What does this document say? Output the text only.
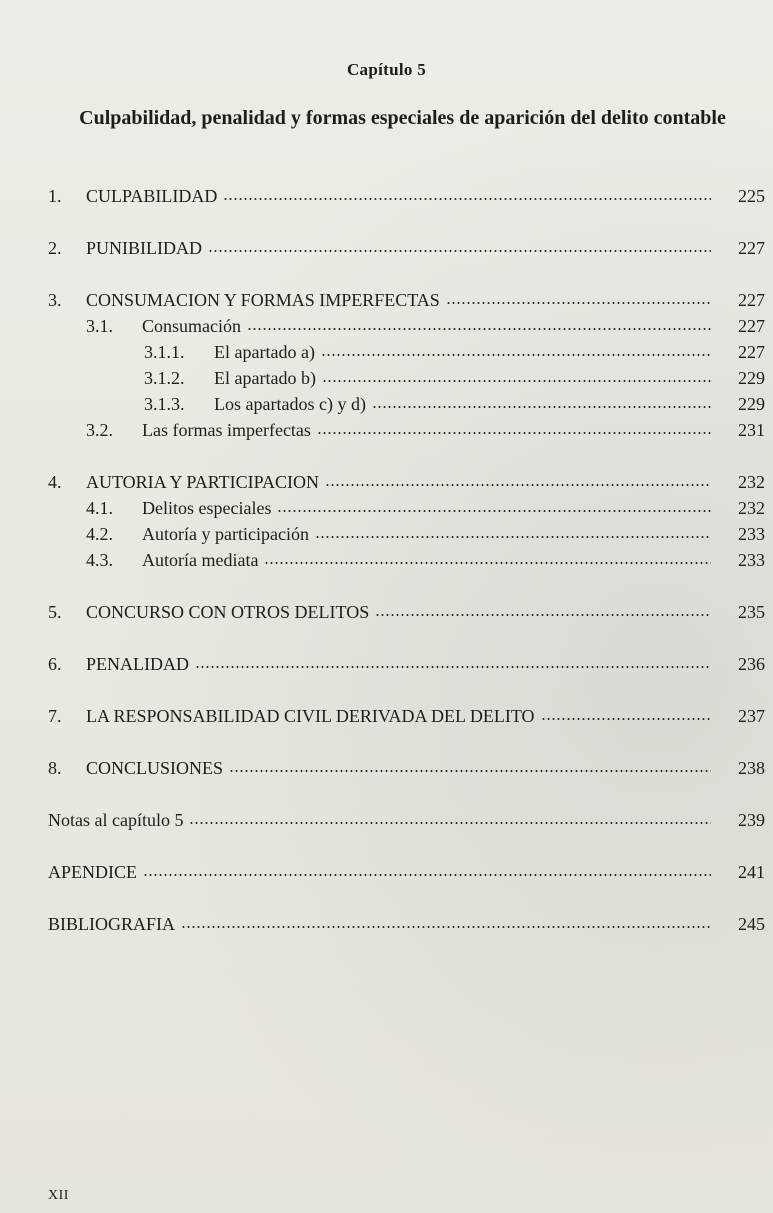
Capítulo 5
Culpabilidad, penalidad y formas especiales de aparición del delito contable
1. CULPABILIDAD	225
2. PUNIBILIDAD	227
3. CONSUMACION Y FORMAS IMPERFECTAS	227
3.1. Consumación	227
3.1.1. El apartado a)	227
3.1.2. El apartado b)	229
3.1.3. Los apartados c) y d)	229
3.2. Las formas imperfectas	231
4. AUTORIA Y PARTICIPACION	232
4.1. Delitos especiales	232
4.2. Autoría y participación	233
4.3. Autoría mediata	233
5. CONCURSO CON OTROS DELITOS	235
6. PENALIDAD	236
7. LA RESPONSABILIDAD CIVIL DERIVADA DEL DELITO	237
8. CONCLUSIONES	238
Notas al capítulo 5	239
APENDICE	241
BIBLIOGRAFIA	245
XII
